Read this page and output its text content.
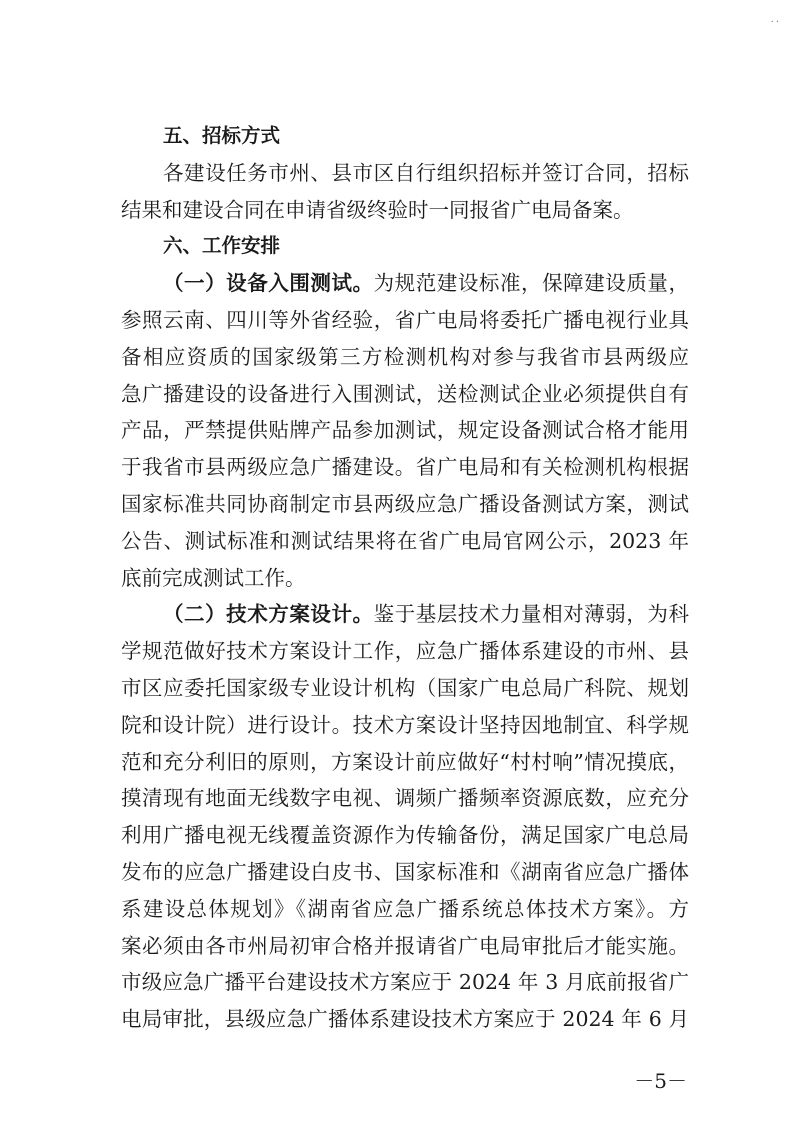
..
五、招标方式
各建设任务市州、县市区自行组织招标并签订合同，招标
结果和建设合同在申请省级终验时一同报省广电局备案。
六、工作安排
（一）设备入围测试。为规范建设标准，保障建设质量，
参照云南、四川等外省经验，省广电局将委托广播电视行业具
备相应资质的国家级第三方检测机构对参与我省市县两级应
急广播建设的设备进行入围测试，送检测试企业必须提供自有
产品，严禁提供贴牌产品参加测试，规定设备测试合格才能用
于我省市县两级应急广播建设。省广电局和有关检测机构根据
国家标准共同协商制定市县两级应急广播设备测试方案，测试
公告、测试标准和测试结果将在省广电局官网公示，2023 年
底前完成测试工作。
（二）技术方案设计。鉴于基层技术力量相对薄弱，为科
学规范做好技术方案设计工作，应急广播体系建设的市州、县
市区应委托国家级专业设计机构（国家广电总局广科院、规划
院和设计院）进行设计。技术方案设计坚持因地制宜、科学规
范和充分利旧的原则，方案设计前应做好“村村响”情况摸底，
摸清现有地面无线数字电视、调频广播频率资源底数，应充分
利用广播电视无线覆盖资源作为传输备份，满足国家广电总局
发布的应急广播建设白皮书、国家标准和《湖南省应急广播体
系建设总体规划》《湖南省应急广播系统总体技术方案》。方
案必须由各市州局初审合格并报请省广电局审批后才能实施。
市级应急广播平台建设技术方案应于 2024 年 3 月底前报省广
电局审批，县级应急广播体系建设技术方案应于 2024 年 6 月
－5－
